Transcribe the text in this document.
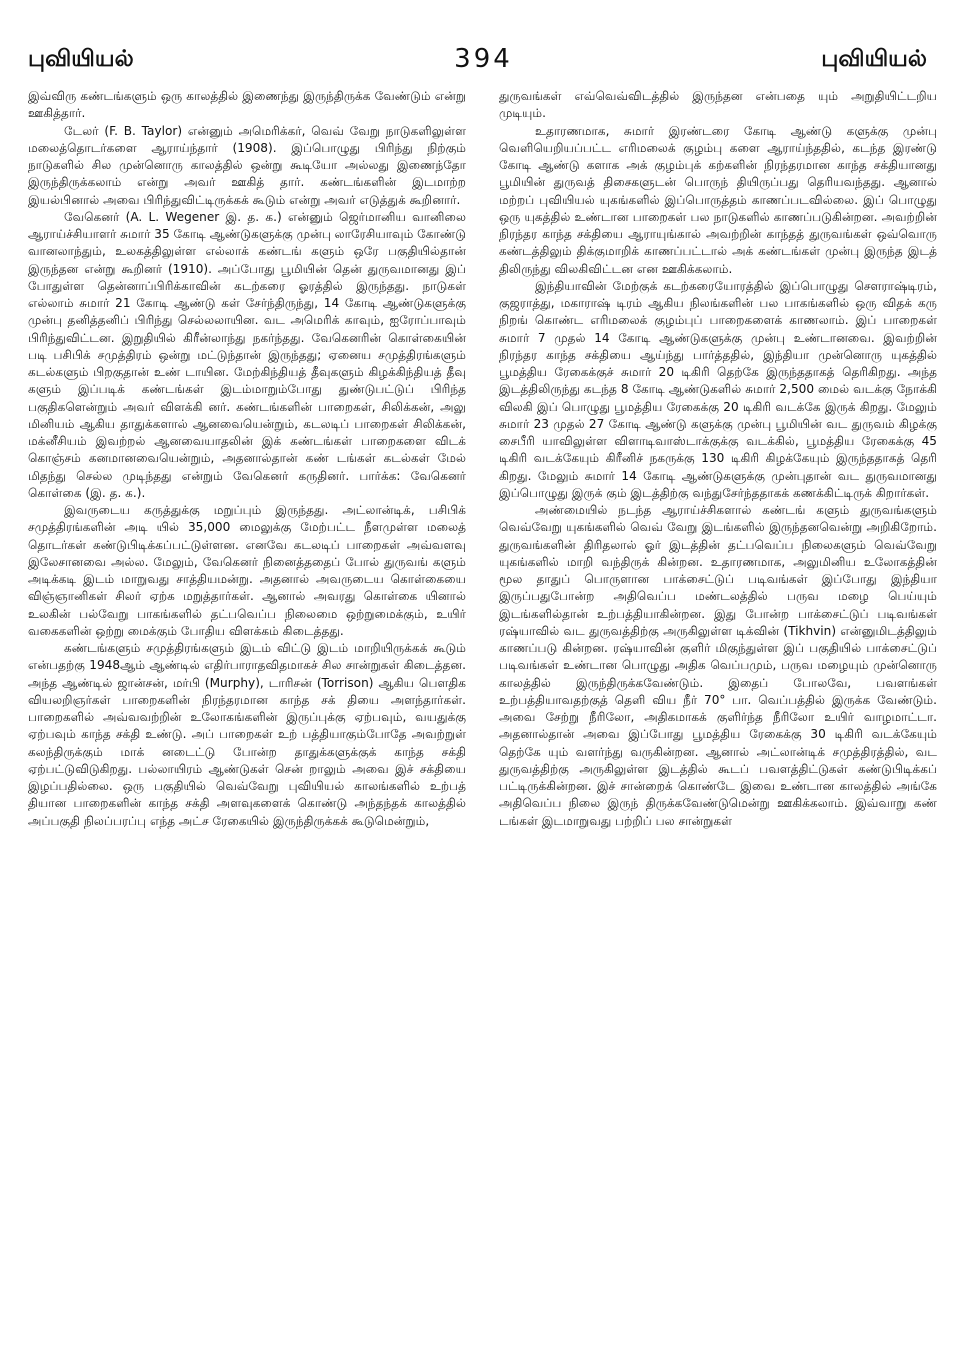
புவியியல்	394	புவியியல்

இவ்விரு கண்டங்களும் ஒரு காலத்தில் இணைந்து இருந்திருக்க வேண்டும் என்று ஊகித்தார்.

டேலர் (F. B. Taylor) என்னும் அமெரிக்கர், வெவ் வேறு நாடுகளிலுள்ள மலைத்தொடர்களை ஆராய்ந்தார் (1908). இப்பொழுது பிரிந்து நிற்கும் நாடுகளில் சில முன்னொரு காலத்தில் ஒன்று கூடியோ அல்லது இணைந்தோ இருந்திருக்கலாம் என்று அவர் ஊகித் தார். கண்டங்களின் இடமாற்ற இயல்பினால் அவை பிரிந்துவிட்டிருக்கக் கூடும் என்று அவர் எடுத்துக் கூறினார்.

வேகெனர் (A. L. Wegener இ. த. க.) என்னும் ஜெர்மானிய வானிலை ஆராய்ச்சியாளர் சுமார் 35 கோடி ஆண்டுகளுக்கு முன்பு லாரேசியாவும் கோண்டு வானலாந்தும், உலகத்திலுள்ள எல்லாக் கண்டங் களும் ஒரே பகுதியில்தான் இருந்தன என்று கூறினர் (1910). அப்போது பூமியின் தென் துருவமானது இப் போதுள்ள தென்னாப்பிரிக்காவின் கடற்கரை ஓரத்தில் இருந்தது. நாடுகள் எல்லாம் சுமார் 21 கோடி ஆண்டு கள் சேர்ந்திருந்து, 14 கோடி ஆண்டுகளுக்கு முன்பு தனித்தனிப் பிரிந்து செல்லலாயின. வட அமெரிக் காவும், ஐரோப்பாவும் பிரிந்துவிட்டன. இறுதியில் கிரீன்லாந்து நகர்ந்தது. வேகெனரின் கொள்கையின் படி பசிபிக் சமுத்திரம் ஒன்று மட்டுந்தான் இருந்தது; ஏனைய சமுத்திரங்களும் கடல்களும் பிறகுதான் உண் டாயின. மேற்கிந்தியத் தீவுகளும் கிழக்கிந்தியத் தீவு களும் இப்படிக் கண்டங்கள் இடம்மாறும்போது துண்டுபட்டுப் பிரிந்த பகுதிகளென்றும் அவர் விளக்கி னர். கண்டங்களின் பாறைகள், சிலிக்கன், அலு மினியம் ஆகிய தாதுக்களால் ஆனவையென்றும், கடலடிப் பாறைகள் சிலிக்கன், மக்னீசியம் இவற்றல் ஆனவையாதலின் இக் கண்டங்கள் பாறைகளை விடக் கொஞ்சம் கனமானவையென்றும், அதனால்தான் கண் டங்கள் கடல்கள் மேல் மிதந்து செல்ல முடிந்தது என்றும் வேகெனர் கருதினர். பார்க்க: வேகெனர் கொள்கை (இ. த. க.).

இவருடைய கருத்துக்கு மறுப்பும் இருந்தது. அட்லான்டிக், பசிபிக் சமுத்திரங்களின் அடி யில் 35,000 மைலுக்கு மேற்பட்ட நீளமுள்ள மலைத் தொடர்கள் கண்டுபிடிக்கப்பட்டுள்ளன. எனவே கடலடிப் பாறைகள் அவ்வளவு இலேசானவை அல்ல. மேலும், வேகெனர் நினைத்ததைப் போல் துருவங் களும் அடிக்கடி இடம் மாறுவது சாத்தியமன்று. அதனால் அவருடைய கொள்கையை விஞ்ஞானிகள் சிலர் ஏற்க மறுத்தார்கள். ஆனால் அவரது கொள்கை யினால் உலகின் பல்வேறு பாகங்களில் தட்பவெப்ப நிலைமை ஒற்றுமைக்கும், உயிர் வகைகளின் ஒற்று மைக்கும் போதிய விளக்கம் கிடைத்தது.

கண்டங்களும் சமுத்திரங்களும் இடம் விட்டு இடம் மாறியிருக்கக் கூடும் என்பதற்கு 1948ஆம் ஆண்டில் எதிர்பாராதவிதமாகச் சில சான்றுகள் கிடைத்தன. அந்த ஆண்டில் ஜான்சன், மர்பி (Murphy), டாரிசன் (Torrison) ஆகிய பௌதிக வியலறிஞர்கள் பாறைகளின் நிரந்தரமான காந்த சக் தியை அளந்தார்கள். பாறைகளில் அவ்வவற்றின் உலோகங்களின் இருப்புக்கு ஏற்பவும், வயதுக்கு ஏற்பவும் காந்த சக்தி உண்டு. அப் பாறைகள் உற் பத்தியாகும்போதே அவற்றுள் கலந்திருக்கும் மாக் னடைட்டு போன்ற தாதுக்களுக்குக் காந்த சக்தி ஏற்பட்டுவிடுகிறது. பல்லாயிரம் ஆண்டுகள் சென் றாலும் அவை இச் சக்தியை இழப்பதில்லை. ஒரு பகுதியில் வெவ்வேறு புவியியல் காலங்களில் உற்பத் தியான பாறைகளின் காந்த சக்தி அளவுகளைக் கொண்டு அந்தந்தக் காலத்தில் அப்பகுதி நிலப்பரப்பு எந்த அட்ச ரேகையில் இருந்திருக்கக் கூடுமென்றும்,

துருவங்கள் எவ்வெவ்விடத்தில் இருந்தன என்பதை யும் அறுதியிட்டறிய முடியும்.

உதாரணமாக, சுமார் இரண்டரை கோடி ஆண்டு களுக்கு முன்பு வெளியெறியப்பட்ட எரிமலைக் குழம்பு களை ஆராய்ந்ததில், கடந்த இரண்டு கோடி ஆண்டு களாக அக் குழம்புக் கற்களின் நிரந்தரமான காந்த சக்தியானது பூமியின் துருவத் திசைகளுடன் பொருந் தியிருப்பது தெரியவந்தது. ஆனால் மற்றப் புவியியல் யுகங்களில் இப்பொருத்தம் காணப்படவில்லை. இப் பொழுது ஒரு யுகத்தில் உண்டான பாறைகள் பல நாடுகளில் காணப்படுகின்றன. அவற்றின் நிரந்தர காந்த சக்தியை ஆராயுங்கால் அவற்றின் காந்தத் துருவங்கள் ஒவ்வொரு கண்டத்திலும் திக்குமாறிக் காணப்பட்டால் அக் கண்டங்கள் முன்பு இருந்த இடத் திலிருந்து விலகிவிட்டன என ஊகிக்கலாம்.

இந்தியாவின் மேற்குக் கடற்கரையோரத்தில் இப்பொழுது சௌராஷ்டிரம், குஜராத்து, மகாராஷ் டிரம் ஆகிய நிலங்களின் பல பாகங்களில் ஒரு விதக் கரு நிறங் கொண்ட எரிமலைக் குழம்புப் பாறைகளைக் காணலாம். இப் பாறைகள் சுமார் 7 முதல் 14 கோடி ஆண்டுகளுக்கு முன்பு உண்டானவை. இவற்றின் நிரந்தர காந்த சக்தியை ஆய்ந்து பார்த்ததில், இந்தியா முன்னொரு யுகத்தில் பூமத்திய ரேகைக்குச் சுமார் 20 டிகிரி தெற்கே இருந்ததாகத் தெரிகிறது. அந்த இடத்திலிருந்து கடந்த 8 கோடி ஆண்டுகளில் சுமார் 2,500 மைல் வடக்கு நோக்கி விலகி இப் பொழுது பூமத்திய ரேகைக்கு 20 டிகிரி வடக்கே இருக் கிறது. மேலும் சுமார் 23 முதல் 27 கோடி ஆண்டு களுக்கு முன்பு பூமியின் வட துருவம் கிழக்கு சைபீரி யாவிலுள்ள விளாடிவாஸ்டாக்குக்கு வடக்கில், பூமத்திய ரேகைக்கு 45 டிகிரி வடக்கேயும் கிரீனிச் நகருக்கு 130 டிகிரி கிழக்கேயும் இருந்ததாகத் தெரி கிறது. மேலும் சுமார் 14 கோடி ஆண்டுகளுக்கு முன்புதான் வட துருவமானது இப்பொழுது இருக் கும் இடத்திற்கு வந்துசேர்ந்ததாகக் கணக்கிட்டிருக் கிறார்கள்.

அண்மையில் நடந்த ஆராய்ச்சிகளால் கண்டங் களும் துருவங்களும் வெவ்வேறு யுகங்களில் வெவ் வேறு இடங்களில் இருந்தனவென்று அறிகிறோம். துருவங்களின் திரிதலால் ஓர் இடத்தின் தட்பவெப்ப நிலைகளும் வெவ்வேறு யுகங்களில் மாறி வந்திருக் கின்றன. உதாரணமாக, அலுமினிய உலோகத்தின் மூல தாதுப் பொருளான பாக்சைட்டுப் படிவங்கள் இப்போது இந்தியா இருப்பதுபோன்ற அதிவெப்ப மண்டலத்தில் பருவ மழை பெய்யும் இடங்களில்தான் உற்பத்தியாகின்றன. இது போன்ற பாக்சைட்டுப் படிவங்கள் ரஷ்யாவில் வட துருவத்திற்கு அருகிலுள்ள டிக்வின் (Tikhvin) என்னுமிடத்திலும் காணப்படு கின்றன. ரஷ்யாவின் குளிர் மிகுந்துள்ள இப் பகுதியில் பாக்சைட்டுப் படிவங்கள் உண்டான பொழுது அதிக வெப்பமும், பருவ மழையும் முன்னொரு காலத்தில் இருந்திருக்கவேண்டும். இதைப் போலவே, பவளங்கள் உற்பத்தியாவதற்குத் தெளி விய நீர் 70° பா. வெப்பத்தில் இருக்க வேண்டும். அவை சேற்று நீரிலோ, அதிகமாகக் குளிர்ந்த நீரிலோ உயிர் வாழமாட்டா. அதனால்தான் அவை இப்போது பூமத்திய ரேகைக்கு 30 டிகிரி வடக்கேயும் தெற்கே யும் வளர்ந்து வருகின்றன. ஆனால் அட்லான்டிக் சமுத்திரத்தில், வட துருவத்திற்கு அருகிலுள்ள இடத்தில் கூடப் பவளத்திட்டுகள் கண்டுபிடிக்கப் பட்டிருக்கின்றன. இச் சான்றைக் கொண்டே இவை உண்டான காலத்தில் அங்கே அதிவெப்ப நிலை இருந் திருக்கவேண்டுமென்று ஊகிக்கலாம். இவ்வாறு கண் டங்கள் இடமாறுவது பற்றிப் பல சான்றுகள்
